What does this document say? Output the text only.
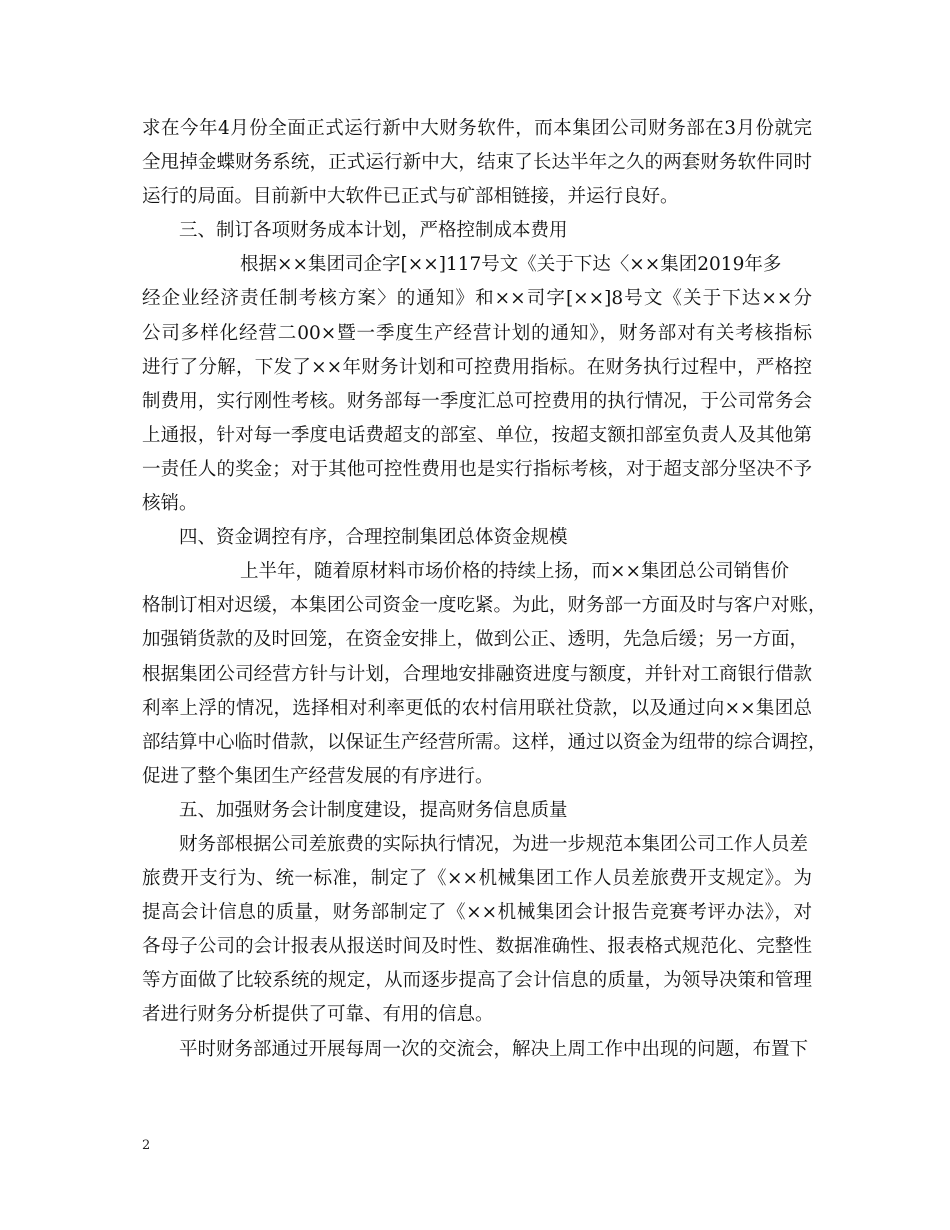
求在今年4月份全面正式运行新中大财务软件，而本集团公司财务部在3月份就完
全甩掉金蝶财务系统，正式运行新中大，结束了长达半年之久的两套财务软件同时
运行的局面。目前新中大软件已正式与矿部相链接，并运行良好。
三、制订各项财务成本计划，严格控制成本费用
根据××集团司企字[××]117号文《关于下达〈××集团2019年多
经企业经济责任制考核方案〉的通知》和××司字[××]8号文《关于下达××分
公司多样化经营二00×暨一季度生产经营计划的通知》，财务部对有关考核指标
进行了分解，下发了××年财务计划和可控费用指标。在财务执行过程中，严格控
制费用，实行刚性考核。财务部每一季度汇总可控费用的执行情况，于公司常务会
上通报，针对每一季度电话费超支的部室、单位，按超支额扣部室负责人及其他第
一责任人的奖金；对于其他可控性费用也是实行指标考核，对于超支部分坚决不予
核销。
四、资金调控有序，合理控制集团总体资金规模
上半年，随着原材料市场价格的持续上扬，而××集团总公司销售价
格制订相对迟缓，本集团公司资金一度吃紧。为此，财务部一方面及时与客户对账，
加强销货款的及时回笼，在资金安排上，做到公正、透明，先急后缓；另一方面，
根据集团公司经营方针与计划，合理地安排融资进度与额度，并针对工商银行借款
利率上浮的情况，选择相对利率更低的农村信用联社贷款，以及通过向××集团总
部结算中心临时借款，以保证生产经营所需。这样，通过以资金为纽带的综合调控，
促进了整个集团生产经营发展的有序进行。
五、加强财务会计制度建设，提高财务信息质量
财务部根据公司差旅费的实际执行情况，为进一步规范本集团公司工作人员差
旅费开支行为、统一标准，制定了《××机械集团工作人员差旅费开支规定》。为
提高会计信息的质量，财务部制定了《××机械集团会计报告竞赛考评办法》，对
各母子公司的会计报表从报送时间及时性、数据准确性、报表格式规范化、完整性
等方面做了比较系统的规定，从而逐步提高了会计信息的质量，为领导决策和管理
者进行财务分析提供了可靠、有用的信息。
平时财务部通过开展每周一次的交流会，解决上周工作中出现的问题，布置下
2
